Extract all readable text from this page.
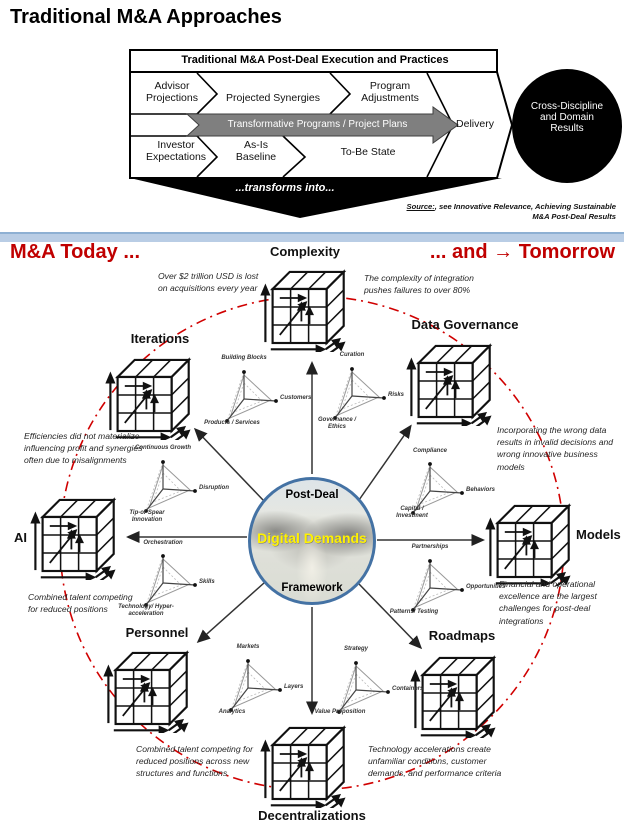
Traditional M&A Approaches
Traditional M&A Post-Deal Execution and Practices
Advisor Projections	Projected Synergies
Program Adjustments
Transformative Programs / Project Plans	Delivery
Investor Expectations
As-Is Baseline	To-Be State
Cross-Discipline and Domain Results
...transforms into...
Source:, see Innovative Relevance, Achieving Sustainable M&A Post-Deal Results
M&A Today ...	... and → Tomorrow
Complexity
Iterations
Data Governance
AI	Models
Personnel	Roadmaps
Decentralizations
Over $2 trillion USD is lost on acquisitions every year
The complexity of integration pushes failures to over 80%
Efficiencies did not materialize influencing profit and synergies often due to misalignments
Incorporating the wrong data results in invalid decisions and wrong innovative business models
Combined talent competing for reduced positions
Financial and operational excellence are the largest challenges for post-deal integrations
Combined talent competing for reduced positions across new structures and functions
Technology accelerations create unfamiliar conditions, customer demands, and performance criteria
Building Blocks
Customers
Products / Services
Continuous Growth
Disruption
Tip-of-Spear Innovation
Orchestration
Skills
Technology/ Hyper-acceleration
Markets
Layers
Analytics
Strategy
Containers
Value Proposition
Partnerships
Opportunities
Patterns/ Testing
Compliance
Behaviors
Capital / Investment
Curation
Risks
Governance / Ethics
Post-Deal
Digital Demands
Framework
